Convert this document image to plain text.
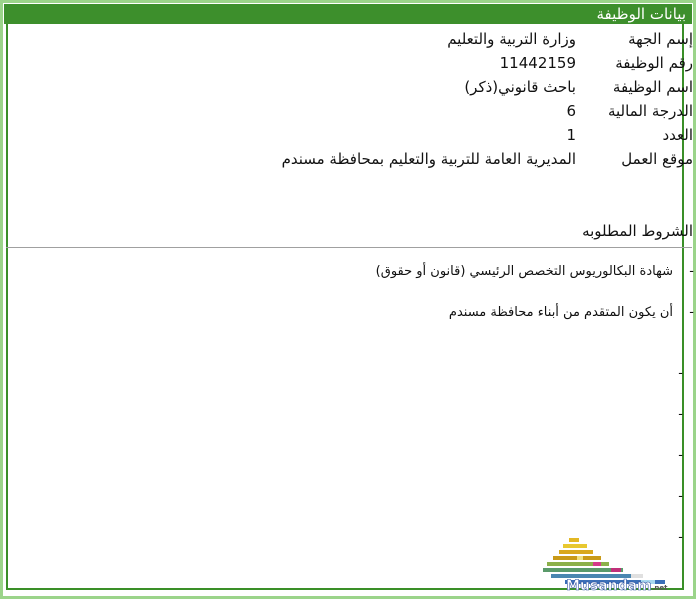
بيانات الوظيفة
إسم الجهة
وزارة التربية والتعليم
رقم الوظيفة
11442159
اسم الوظيفة
باحث قانوني(ذكر)
الدرجة المالية
6
العدد
1
موقع العمل
المديرية العامة للتربية والتعليم بمحافظة مسندم
الشروط المطلوبه
-
شهادة البكالوريوس التخصص الرئيسي (قانون أو حقوق)
-
أن يكون المتقدم من أبناء محافظة مسندم
-
-
-
-
-
Musandam.net
